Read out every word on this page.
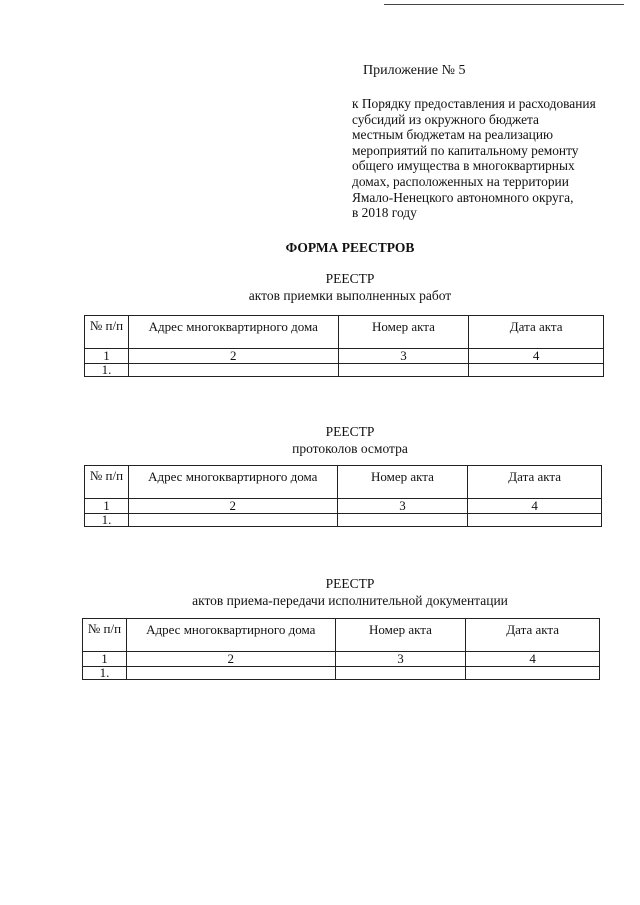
Приложение № 5
к Порядку предоставления и расходования
субсидий из окружного бюджета
местным бюджетам на реализацию
мероприятий по капитальному ремонту
общего имущества в многоквартирных
домах, расположенных на территории
Ямало-Ненецкого автономного округа,
в 2018 году
ФОРМА РЕЕСТРОВ
РЕЕСТР
актов приемки выполненных работ
№ п/п	Адрес многоквартирного дома	Номер акта	Дата акта
1	2	3	4
1.			
РЕЕСТР
протоколов осмотра
№ п/п	Адрес многоквартирного дома	Номер акта	Дата акта
1	2	3	4
1.			
РЕЕСТР
актов приема-передачи исполнительной документации
№ п/п	Адрес многоквартирного дома	Номер акта	Дата акта
1	2	3	4
1.			
